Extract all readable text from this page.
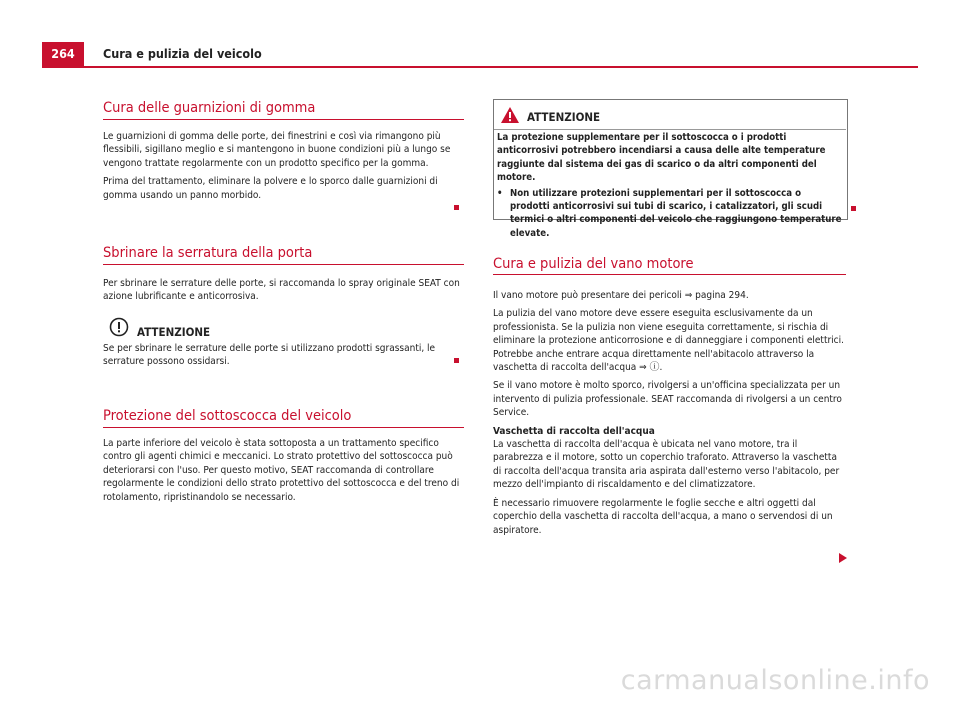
264	Cura e pulizia del veicolo
Cura delle guarnizioni di gomma

Le guarnizioni di gomma delle porte, dei finestrini e così via rimangono più flessibili, sigillano meglio e si mantengono in buone condizioni più a lungo se vengono trattate regolarmente con un prodotto specifico per la gomma.

Prima del trattamento, eliminare la polvere e lo sporco dalle guarnizioni di gomma usando un panno morbido.

Sbrinare la serratura della porta

Per sbrinare le serrature delle porte, si raccomanda lo spray originale SEAT con azione lubrificante e anticorrosiva.

ATTENZIONE

Se per sbrinare le serrature delle porte si utilizzano prodotti sgrassanti, le serrature possono ossidarsi.

Protezione del sottoscocca del veicolo

La parte inferiore del veicolo è stata sottoposta a un trattamento specifico contro gli agenti chimici e meccanici. Lo strato protettivo del sottoscocca può deteriorarsi con l'uso. Per questo motivo, SEAT raccomanda di controllare regolarmente le condizioni dello strato protettivo del sottoscocca e del treno di rotolamento, ripristinandolo se necessario.

ATTENZIONE

La protezione supplementare per il sottoscocca o i prodotti anticorrosivi potrebbero incendiarsi a causa delle alte temperature raggiunte dal sistema dei gas di scarico o da altri componenti del motore.

• Non utilizzare protezioni supplementari per il sottoscocca o prodotti anticorrosivi sui tubi di scarico, i catalizzatori, gli scudi termici o altri componenti del veicolo che raggiungono temperature elevate.

Cura e pulizia del vano motore

Il vano motore può presentare dei pericoli ⇒ pagina 294.

La pulizia del vano motore deve essere eseguita esclusivamente da un professionista. Se la pulizia non viene eseguita correttamente, si rischia di eliminare la protezione anticorrosione e di danneggiare i componenti elettrici. Potrebbe anche entrare acqua direttamente nell'abitacolo attraverso la vaschetta di raccolta dell'acqua ⇒ ⓘ.

Se il vano motore è molto sporco, rivolgersi a un'officina specializzata per un intervento di pulizia professionale. SEAT raccomanda di rivolgersi a un centro Service.

Vaschetta di raccolta dell'acqua

La vaschetta di raccolta dell'acqua è ubicata nel vano motore, tra il parabrezza e il motore, sotto un coperchio traforato. Attraverso la vaschetta di raccolta dell'acqua transita aria aspirata dall'esterno verso l'abitacolo, per mezzo dell'impianto di riscaldamento e del climatizzatore.

È necessario rimuovere regolarmente le foglie secche e altri oggetti dal coperchio della vaschetta di raccolta dell'acqua, a mano o servendosi di un aspiratore.

carmanualsonline.info
